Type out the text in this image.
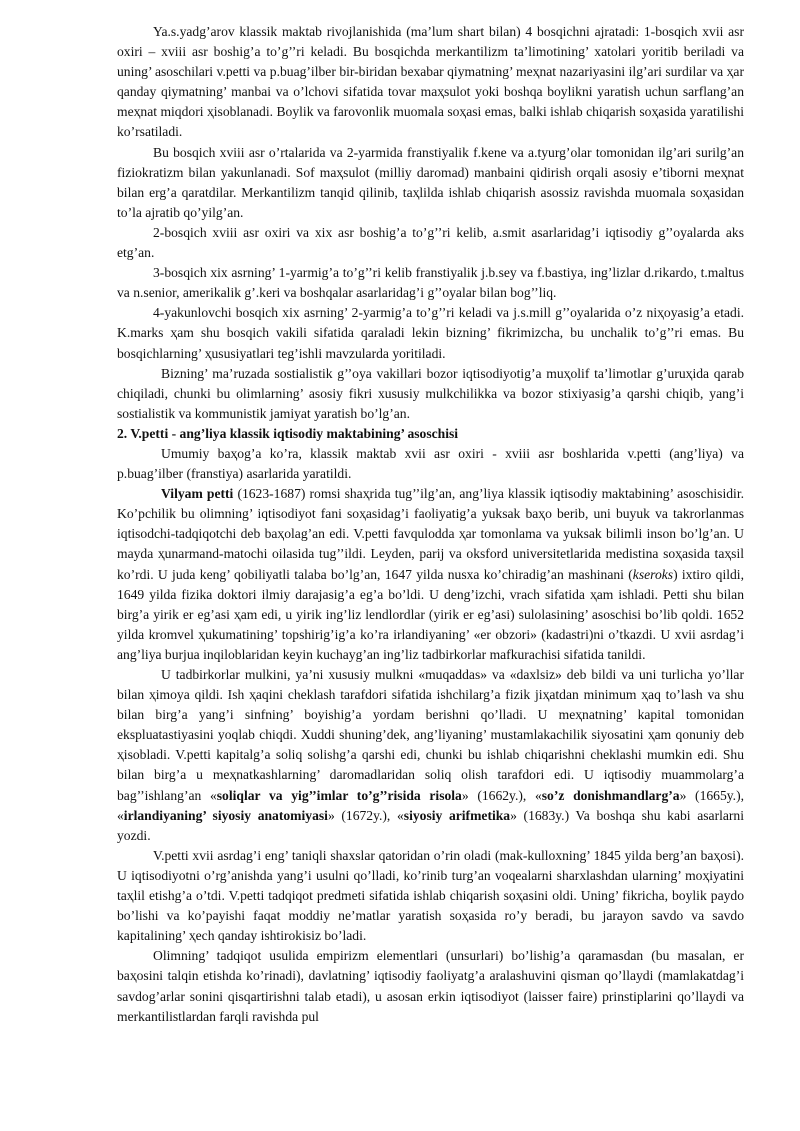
Ya.s.yadg’arov klassik maktab rivojlanishida (ma’lum shart bilan) 4 bosqichni ajratadi: 1-bosqich xvii asr oxiri – xviii asr boshig’a to’g’’ri keladi. Bu bosqichda merkantilizm ta’limotining’ xatolari yoritib beriladi va uning’ asoschilari v.petti va p.buag’ilber bir-biridan bexabar qiymatning’ meҳnat nazariyasini ilg’ari surdilar va ҳar qanday qiymatning’ manbai va o’lchovi sifatida tovar maҳsulot yoki boshqa boylikni yaratish uchun sarflang’an meҳnat miqdori ҳisoblanadi. Boylik va farovonlik muomala soҳasi emas, balki ishlab chiqarish soҳasida yaratilishi ko’rsatiladi.

Bu bosqich xviii asr o’rtalarida va 2-yarmida franstiyalik f.kene va a.tyurg’olar tomonidan ilg’ari surilg’an fiziokratizm bilan yakunlanadi. Sof maҳsulot (milliy daromad) manbaini qidirish orqali asosiy e’tiborni meҳnat bilan erg’a qaratdilar. Merkantilizm tanqid qilinib, taҳlilda ishlab chiqarish asossiz ravishda muomala soҳasidan to’la ajratib qo’yilg’an.

2-bosqich xviii asr oxiri va xix asr boshig’a to’g’’ri kelib, a.smit asarlaridag’i iqtisodiy g’’oyalarda aks etg’an.

3-bosqich xix asrning’ 1-yarmig’a to’g’’ri kelib franstiyalik j.b.sey va f.bastiya, ing’lizlar d.rikardo, t.maltus va n.senior, amerikalik g’.keri va boshqalar asarlaridag’i g’’oyalar bilan bog’’liq.

4-yakunlovchi bosqich xix asrning’ 2-yarmig’a to’g’’ri keladi va j.s.mill g’’oyalarida o’z niҳoyasig’a etadi. K.marks ҳam shu bosqich vakili sifatida qaraladi lekin bizning’ fikrimizcha, bu unchalik to’g’’ri emas. Bu bosqichlarning’ ҳususiyatlari teg’ishli mavzularda yoritiladi.

Bizning’ ma’ruzada sostialistik g’’oya vakillari bozor iqtisodiyotig’a muҳolif ta’limotlar g’uruҳida qarab chiqiladi, chunki bu olimlarning’ asosiy fikri xususiy mulkchilikka va bozor stixiyasig’a qarshi chiqib, yang’i sostialistik va kommunistik jamiyat yaratish bo’lg’an.

2. V.petti - ang’liya klassik iqtisodiy maktabining’ asoschisi

Umumiy baҳog’a ko’ra, klassik maktab xvii asr oxiri - xviii asr boshlarida v.petti (ang’liya) va p.buag’ilber (franstiya) asarlarida yaratildi.

Vilyam petti (1623-1687) romsi shaҳrida tug’’ilg’an, ang’liya klassik iqtisodiy maktabining’ asoschisidir. Ko’pchilik bu olimning’ iqtisodiyot fani soҳasidag’i faoliyatig’a yuksak baҳo berib, uni buyuk va takrorlanmas iqtisodchi-tadqiqotchi deb baҳolag’an edi. V.petti favqulodda ҳar tomonlama va yuksak bilimli inson bo’lg’an. U mayda ҳunarmand-matochi oilasida tug’’ildi. Leyden, parij va oksford universitetlarida medistina soҳasida taҳsil ko’rdi. U juda keng’ qobiliyatli talaba bo’lg’an, 1647 yilda nusxa ko’chiradig’an mashinani (kseroks) ixtiro qildi, 1649 yilda fizika doktori ilmiy darajasig’a eg’a bo’ldi. U deng’izchi, vrach sifatida ҳam ishladi. Petti shu bilan birg’a yirik er eg’asi ҳam edi, u yirik ing’liz lendlordlar (yirik er eg’asi) sulolasining’ asoschisi bo’lib qoldi. 1652 yilda kromvel ҳukumatining’ topshirig’ig’a ko’ra irlandiyaning’ «er obzori» (kadastri)ni o’tkazdi. U xvii asrdag’i ang’liya burjua inqiloblaridan keyin kuchayg’an ing’liz tadbirkorlar mafkurachisi sifatida tanildi.

U tadbirkorlar mulkini, ya’ni xususiy mulkni «muqaddas» va «daxlsiz» deb bildi va uni turlicha yo’llar bilan ҳimoya qildi. Ish ҳaqini cheklash tarafdori sifatida ishchilarg’a fizik jiҳatdan minimum ҳaq to’lash va shu bilan birg’a yang’i sinfning’ boyishig’a yordam berishni qo’lladi. U meҳnatning’ kapital tomonidan ekspluatastiyasini yoqlab chiqdi. Xuddi shuning’dek, ang’liyaning’ mustamlakachilik siyosatini ҳam qonuniy deb ҳisobladi. V.petti kapitalg’a soliq solishg’a qarshi edi, chunki bu ishlab chiqarishni cheklashi mumkin edi. Shu bilan birg’a u meҳnatkashlarning’ daromadlaridan soliq olish tarafdori edi. U iqtisodiy muammolarg’a bag’’ishlang’an «soliqlar va yig’’imlar to’g’’risida risola» (1662y.), «so’z donishmandlarg’a» (1665y.), «irlandiyaning’ siyosiy anatomiyasi» (1672y.), «siyosiy arifmetika» (1683y.) Va boshqa shu kabi asarlarni yozdi.

V.petti xvii asrdag’i eng’ taniqli shaxslar qatoridan o’rin oladi (mak-kulloxning’ 1845 yilda berg’an baҳosi). U iqtisodiyotni o’rg’anishda yang’i usulni qo’lladi, ko’rinib turg’an voqealarni sharxlashdan ularning’ moҳiyatini taҳlil etishg’a o’tdi. V.petti tadqiqot predmeti sifatida ishlab chiqarish soҳasini oldi. Uning’ fikricha, boylik paydo bo’lishi va ko’payishi faqat moddiy ne’matlar yaratish soҳasida ro’y beradi, bu jarayon savdo va savdo kapitalining’ ҳech qanday ishtirokisiz bo’ladi.

Olimning’ tadqiqot usulida empirizm elementlari (unsurlari) bo’lishig’a qaramasdan (bu masalan, er baҳosini talqin etishda ko’rinadi), davlatning’ iqtisodiy faoliyatg’a aralashuvini qisman qo’llaydi (mamlakatdag’i savdog’arlar sonini qisqartirishni talab etadi), u asosan erkin iqtisodiyot (laisser faire) prinstiplarini qo’llaydi va merkantilistlardan farqli ravishda pul
